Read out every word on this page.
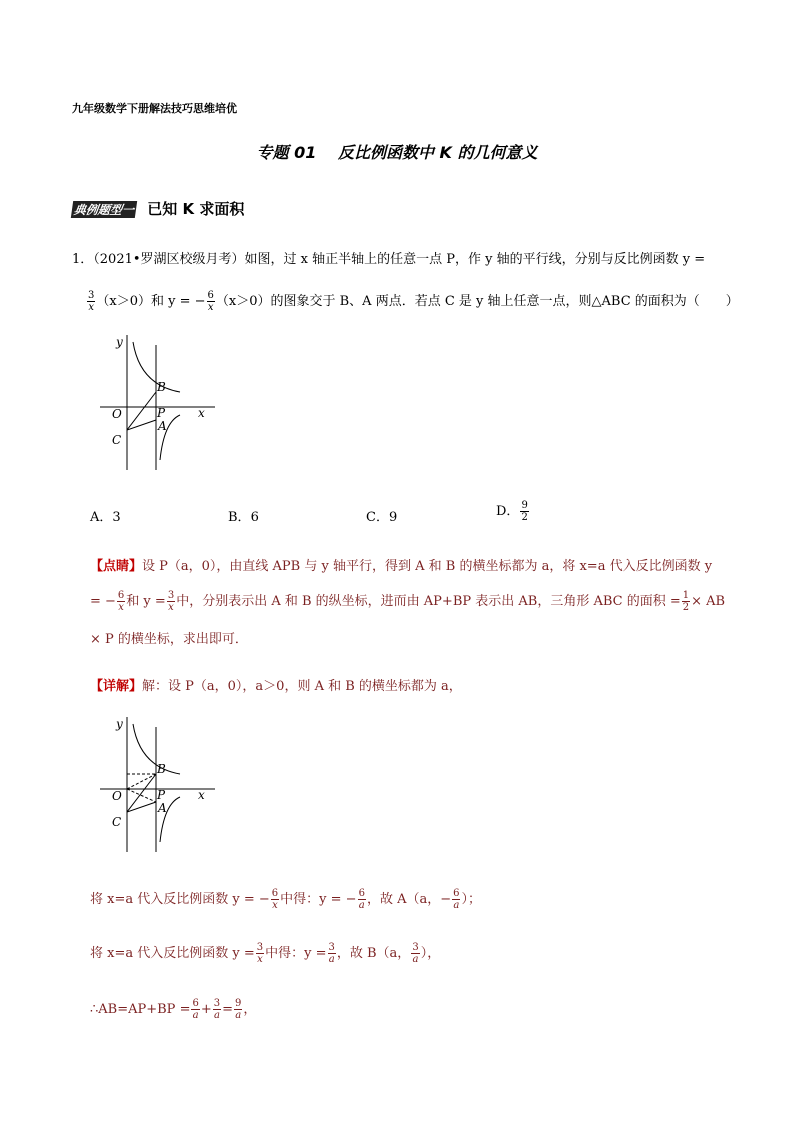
九年级数学下册解法技巧思维培优
专题 01 反比例函数中 K 的几何意义
典例题型一 已知 K 求面积
1．（2021•罗湖区校级月考）如图，过 x 轴正半轴上的任意一点 P，作 y 轴的平行线，分别与反比例函数 y =
$\frac{3}{x} (x>0)$和 y = − $\frac{6}{x} (x>0)$的图象交于 B、A 两点．若点 C 是 y 轴上任意一点，则△ABC 的面积为（　　）
y
x
O
B
P
A
C
A．3	B．6	C．9	D． $\frac{9}{2}$
【点睛】设 P（a，0），由直线 APB 与 y 轴平行，得到 A 和 B 的横坐标都为 a，将 x=a 代入反比例函数 y
= − $\frac{6}{x}$ 和 $y = \frac{3}{x}$ 中，分别表示出 A 和 B 的纵坐标，进而由 AP+BP 表示出 AB，三角形 ABC 的面积 = $\frac{1}{2}$ × AB
× P 的横坐标，求出即可．
【详解】解：设 P（a，0），a＞0，则 A 和 B 的横坐标都为 a，
y
x
O
B
P
A
C
将 x=a 代入反比例函数 y = − $\frac{6}{x}$ 中得：y = − $\frac{6}{a}$ ，故 A（a，− $\frac{6}{a}$ ）；
将 x=a 代入反比例函数 $y = \frac{3}{x}$ 中得：$y = \frac{3}{a}$ ，故 B（a， $\frac{3}{a}$ ），
∴AB=AP+BP = $\frac{6}{a} + \frac{3}{a} = \frac{9}{a}$ ，
